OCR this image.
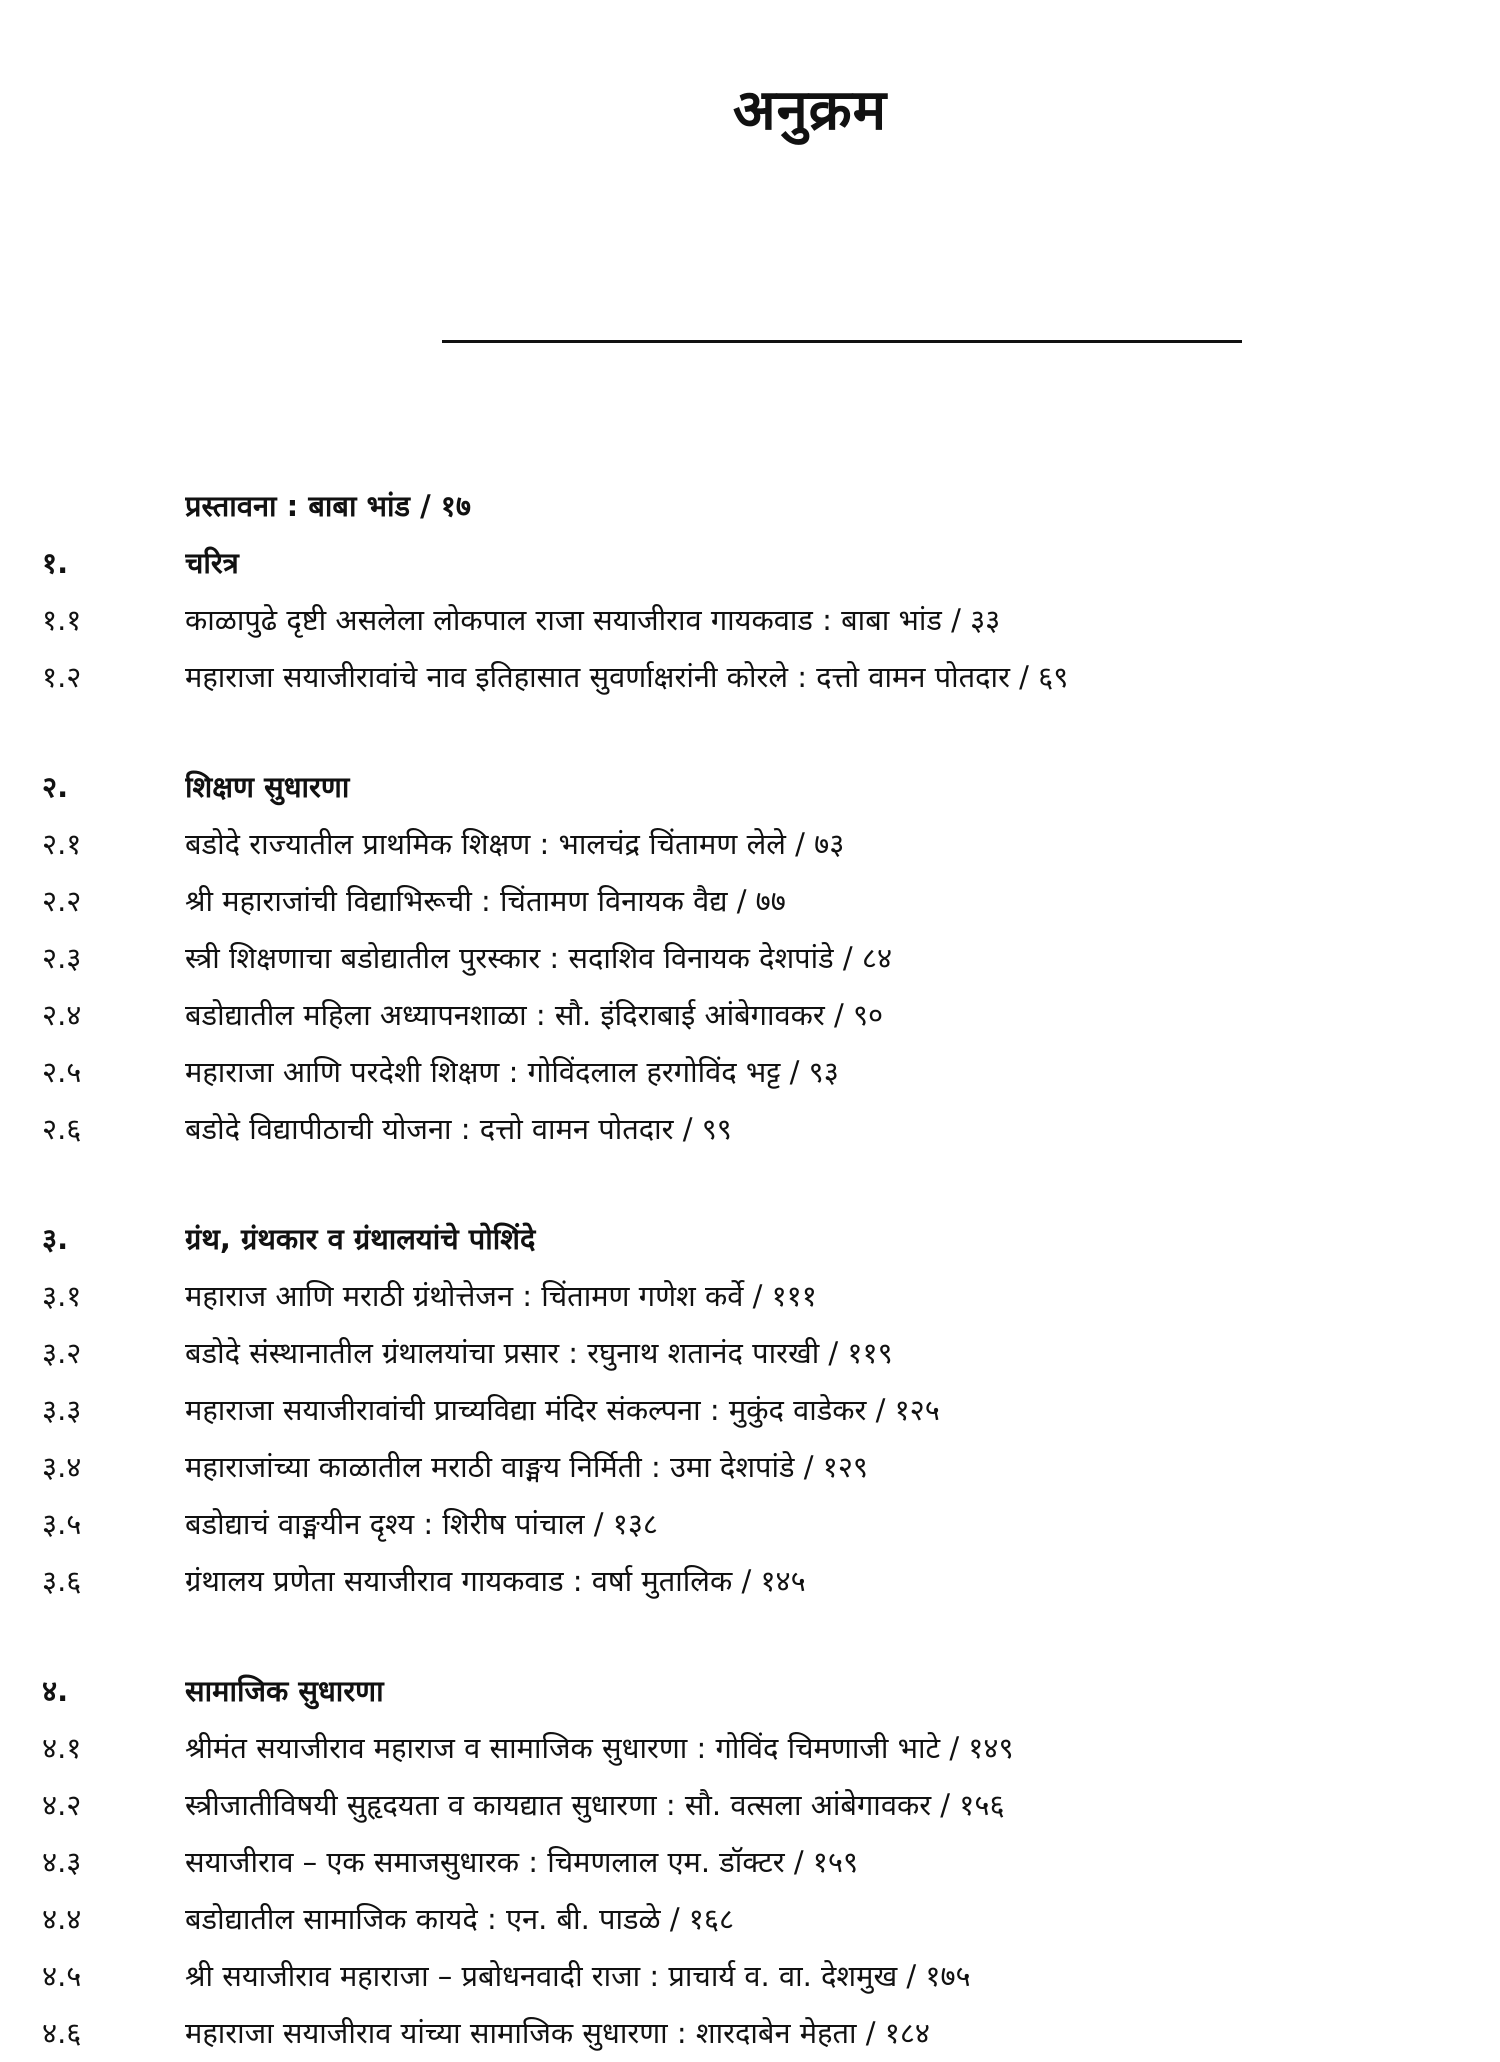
अनुक्रम
प्रस्तावना : बाबा भांड / १७
१.	चरित्र
१.१	काळापुढे दृष्टी असलेला लोकपाल राजा सयाजीराव गायकवाड : बाबा भांड / ३३
१.२	महाराजा सयाजीरावांचे नाव इतिहासात सुवर्णाक्षरांनी कोरले : दत्तो वामन पोतदार / ६९
२.	शिक्षण सुधारणा
२.१	बडोदे राज्यातील प्राथमिक शिक्षण : भालचंद्र चिंतामण लेले / ७३
२.२	श्री महाराजांची विद्याभिरूची : चिंतामण विनायक वैद्य / ७७
२.३	स्त्री शिक्षणाचा बडोद्यातील पुरस्कार : सदाशिव विनायक देशपांडे / ८४
२.४	बडोद्यातील महिला अध्यापनशाळा : सौ. इंदिराबाई आंबेगावकर / ९०
२.५	महाराजा आणि परदेशी शिक्षण : गोविंदलाल हरगोविंद भट्ट / ९३
२.६	बडोदे विद्यापीठाची योजना : दत्तो वामन पोतदार / ९९
३.	ग्रंथ, ग्रंथकार व ग्रंथालयांचे पोशिंदे
३.१	महाराज आणि मराठी ग्रंथोत्तेजन : चिंतामण गणेश कर्वे / १११
३.२	बडोदे संस्थानातील ग्रंथालयांचा प्रसार : रघुनाथ शतानंद पारखी / ११९
३.३	महाराजा सयाजीरावांची प्राच्यविद्या मंदिर संकल्पना : मुकुंद वाडेकर / १२५
३.४	महाराजांच्या काळातील मराठी वाङ्मय निर्मिती : उमा देशपांडे / १२९
३.५	बडोद्याचं वाङ्मयीन दृश्य : शिरीष पांचाल / १३८
३.६	ग्रंथालय प्रणेता सयाजीराव गायकवाड : वर्षा मुतालिक / १४५
४.	सामाजिक सुधारणा
४.१	श्रीमंत सयाजीराव महाराज व सामाजिक सुधारणा : गोविंद चिमणाजी भाटे / १४९
४.२	स्त्रीजातीविषयी सुहृदयता व कायद्यात सुधारणा : सौ. वत्सला आंबेगावकर / १५६
४.३	सयाजीराव – एक समाजसुधारक : चिमणलाल एम. डॉक्टर / १५९
४.४	बडोद्यातील सामाजिक कायदे : एन. बी. पाडळे / १६८
४.५	श्री सयाजीराव महाराजा – प्रबोधनवादी राजा : प्राचार्य व. वा. देशमुख / १७५
४.६	महाराजा सयाजीराव यांच्या सामाजिक सुधारणा : शारदाबेन मेहता / १८४
